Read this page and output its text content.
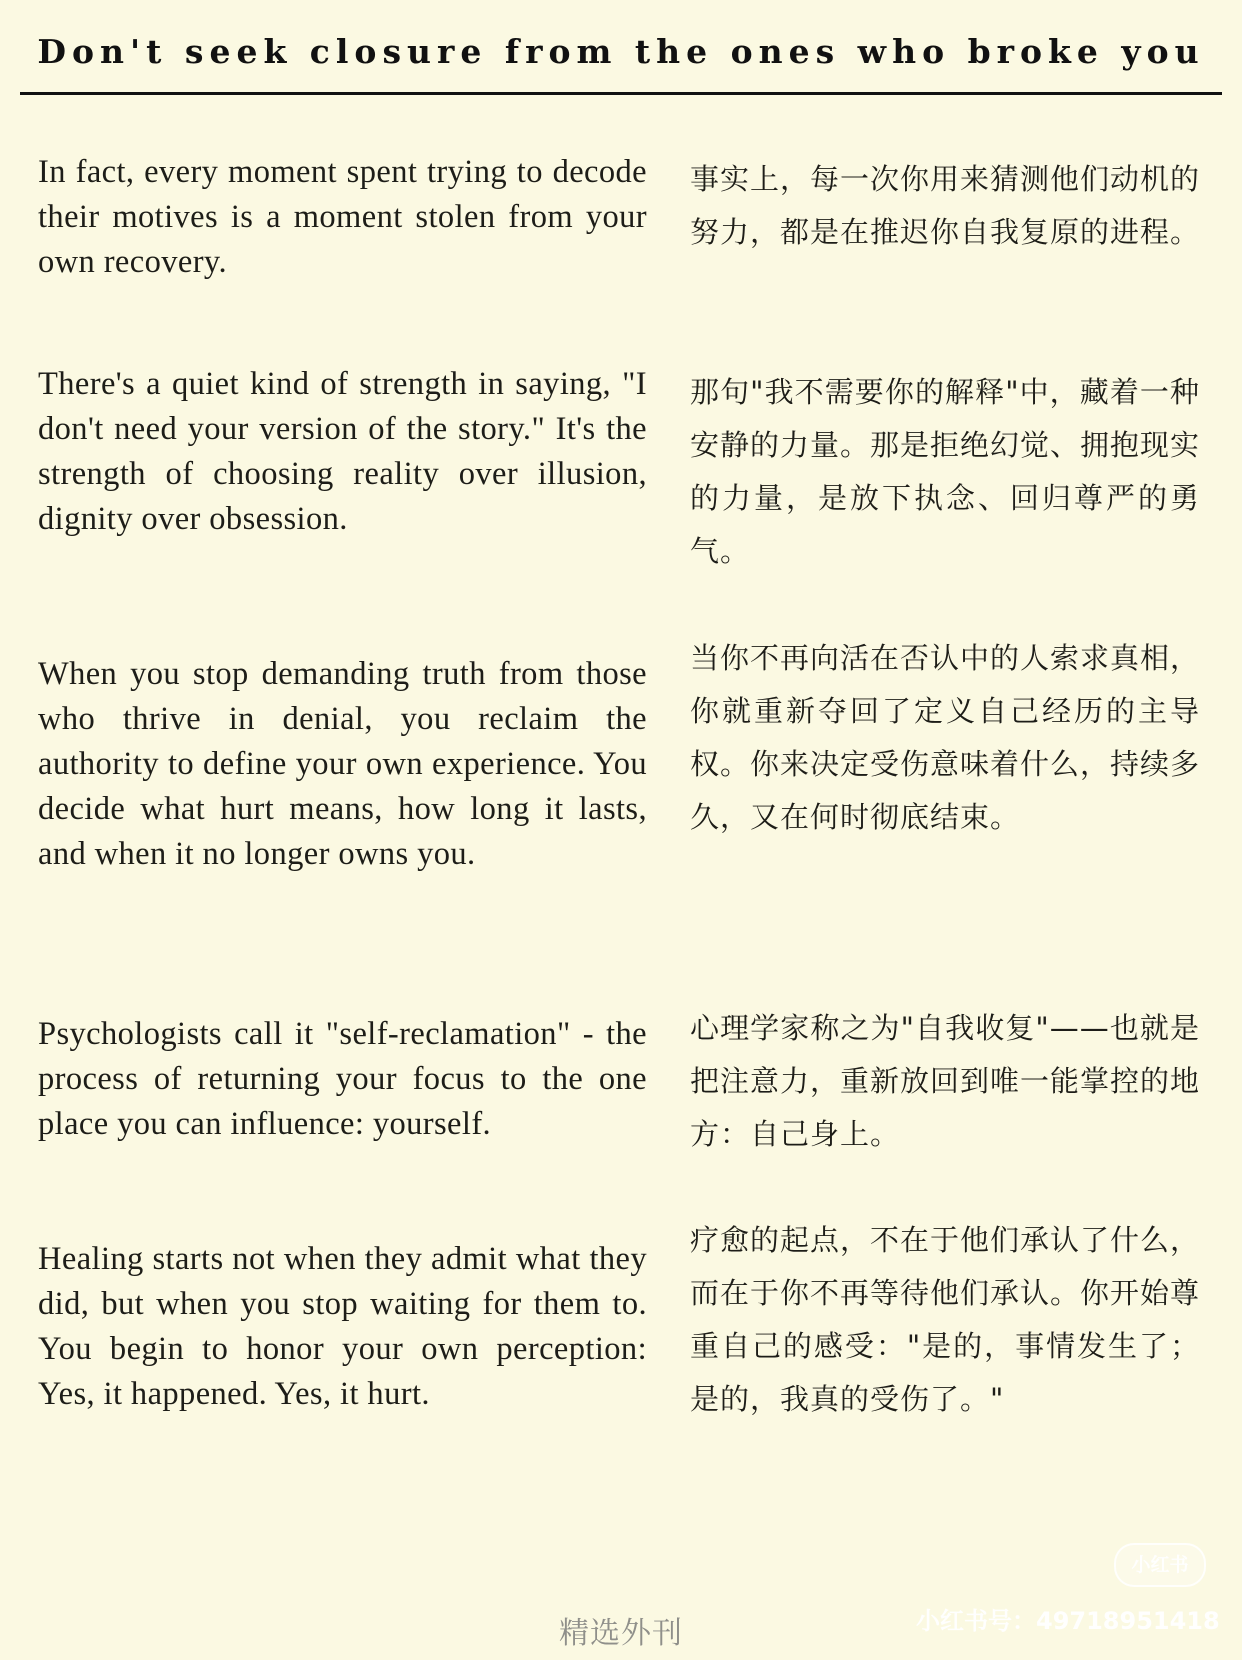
Don't seek closure from the ones who broke you
In fact, every moment spent trying to decode their motives is a moment stolen from your own recovery.
事实上，每一次你用来猜测他们动机的努力，都是在推迟你自我复原的进程。
There's a quiet kind of strength in saying, "I don't need your version of the story." It's the strength of choosing reality over illusion, dignity over obsession.
那句"我不需要你的解释"中，藏着一种安静的力量。那是拒绝幻觉、拥抱现实的力量，是放下执念、回归尊严的勇气。
When you stop demanding truth from those who thrive in denial, you reclaim the authority to define your own experience. You decide what hurt means, how long it lasts, and when it no longer owns you.
当你不再向活在否认中的人索求真相，你就重新夺回了定义自己经历的主导权。你来决定受伤意味着什么，持续多久，又在何时彻底结束。
Psychologists call it "self-reclamation" - the process of returning your focus to the one place you can influence: yourself.
心理学家称之为"自我收复"——也就是把注意力，重新放回到唯一能掌控的地方：自己身上。
Healing starts not when they admit what they did, but when you stop waiting for them to. You begin to honor your own perception: Yes, it happened. Yes, it hurt.
疗愈的起点，不在于他们承认了什么，而在于你不再等待他们承认。你开始尊重自己的感受："是的，事情发生了；是的，我真的受伤了。"
精选外刊
小红书
小红书号：49718951418
